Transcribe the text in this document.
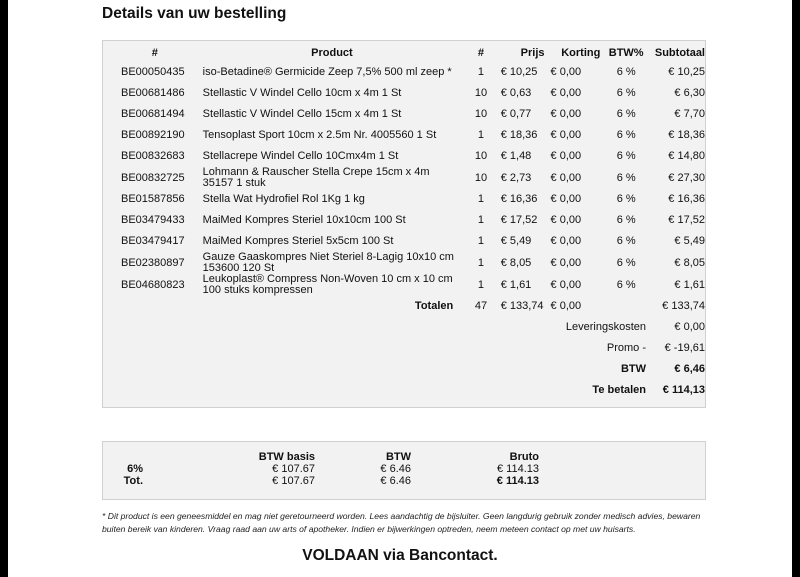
Details van uw bestelling
#	Product	#	Prijs	Korting	BTW%	Subtotaal
BE00050435	iso-Betadine® Germicide Zeep 7,5% 500 ml zeep *	1	€ 10,25	€ 0,00	6 %	€ 10,25
BE00681486	Stellastic V Windel Cello 10cm x 4m 1 St	10	€ 0,63	€ 0,00	6 %	€ 6,30
BE00681494	Stellastic V Windel Cello 15cm x 4m 1 St	10	€ 0,77	€ 0,00	6 %	€ 7,70
BE00892190	Tensoplast Sport 10cm x 2.5m Nr. 4005560 1 St	1	€ 18,36	€ 0,00	6 %	€ 18,36
BE00832683	Stellacrepe Windel Cello 10Cmx4m 1 St	10	€ 1,48	€ 0,00	6 %	€ 14,80
BE00832725	Lohmann & Rauscher Stella Crepe 15cm x 4m 35157 1 stuk	10	€ 2,73	€ 0,00	6 %	€ 27,30
BE01587856	Stella Wat Hydrofiel Rol 1Kg 1 kg	1	€ 16,36	€ 0,00	6 %	€ 16,36
BE03479433	MaiMed Kompres Steriel 10x10cm 100 St	1	€ 17,52	€ 0,00	6 %	€ 17,52
BE03479417	MaiMed Kompres Steriel 5x5cm 100 St	1	€ 5,49	€ 0,00	6 %	€ 5,49
BE02380897	Gauze Gaaskompres Niet Steriel 8-Lagig 10x10 cm 153600 120 St	1	€ 8,05	€ 0,00	6 %	€ 8,05
BE04680823	Leukoplast® Compress Non-Woven 10 cm x 10 cm 100 stuks kompressen	1	€ 1,61	€ 0,00	6 %	€ 1,61
Totalen		47	€ 133,74	€ 0,00		€ 133,74
Leveringskosten						€ 0,00
Promo -						€ -19,61
BTW						€ 6,46
Te betalen						€ 114,13
	BTW basis	BTW	Bruto
6%	€ 107.67	€ 6.46	€ 114.13
Tot.	€ 107.67	€ 6.46	€ 114.13
* Dit product is een geneesmiddel en mag niet geretourneerd worden. Lees aandachtig de bijsluiter. Geen langdurig gebruik zonder medisch advies, bewaren buiten bereik van kinderen. Vraag raad aan uw arts of apotheker. Indien er bijwerkingen optreden, neem meteen contact op met uw huisarts.
VOLDAAN via Bancontact.
